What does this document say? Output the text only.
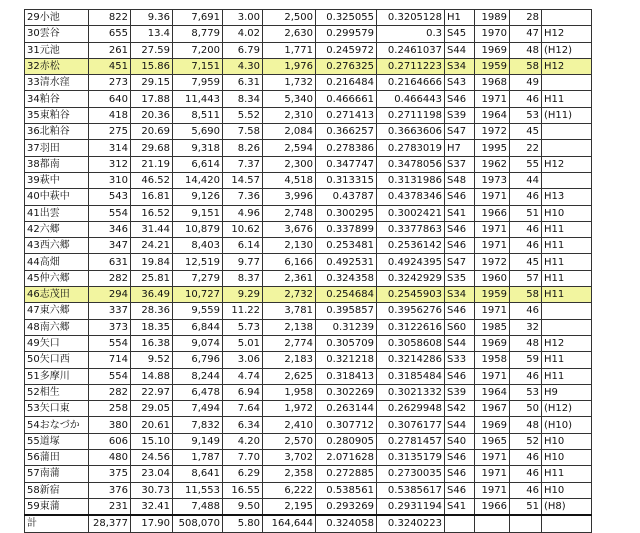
29小池	822	9.36	7,691	3.00	2,500	0.325055	0.3205128	H1	1989	28	
30雲谷	655	13.4	8,779	4.02	2,630	0.299579	0.3	S45	1970	47	H12
31元池	261	27.59	7,200	6.79	1,771	0.245972	0.2461037	S44	1969	48	(H12)
32赤松	451	15.86	7,151	4.30	1,976	0.276325	0.2711223	S34	1959	58	H12
33清水窪	273	29.15	7,959	6.31	1,732	0.216484	0.2164666	S43	1968	49	
34粕谷	640	17.88	11,443	8.34	5,340	0.466661	0.466443	S46	1971	46	H11
35東粕谷	418	20.36	8,511	5.52	2,310	0.271413	0.2711198	S39	1964	53	(H11)
36北粕谷	275	20.69	5,690	7.58	2,084	0.366257	0.3663606	S47	1972	45	
37羽田	314	29.68	9,318	8.26	2,594	0.278386	0.2783019	H7	1995	22	
38都南	312	21.19	6,614	7.37	2,300	0.347747	0.3478056	S37	1962	55	H12
39萩中	310	46.52	14,420	14.57	4,518	0.313315	0.3131986	S48	1973	44	
40中萩中	543	16.81	9,126	7.36	3,996	0.43787	0.4378346	S46	1971	46	H13
41出雲	554	16.52	9,151	4.96	2,748	0.300295	0.3002421	S41	1966	51	H10
42六郷	346	31.44	10,879	10.62	3,676	0.337899	0.3377863	S46	1971	46	H11
43西六郷	347	24.21	8,403	6.14	2,130	0.253481	0.2536142	S46	1971	46	H11
44高畑	631	19.84	12,519	9.77	6,166	0.492531	0.4924395	S47	1972	45	H11
45仲六郷	282	25.81	7,279	8.37	2,361	0.324358	0.3242929	S35	1960	57	H11
46志茂田	294	36.49	10,727	9.29	2,732	0.254684	0.2545903	S34	1959	58	H11
47東六郷	337	28.36	9,559	11.22	3,781	0.395857	0.3956276	S46	1971	46	
48南六郷	373	18.35	6,844	5.73	2,138	0.31239	0.3122616	S60	1985	32	
49矢口	554	16.38	9,074	5.01	2,774	0.305709	0.3058608	S44	1969	48	H12
50矢口西	714	9.52	6,796	3.06	2,183	0.321218	0.3214286	S33	1958	59	H11
51多摩川	554	14.88	8,244	4.74	2,625	0.318413	0.3185484	S46	1971	46	H11
52相生	282	22.97	6,478	6.94	1,958	0.302269	0.3021332	S39	1964	53	H9
53矢口東	258	29.05	7,494	7.64	1,972	0.263144	0.2629948	S42	1967	50	(H12)
54おなづか	380	20.61	7,832	6.34	2,410	0.307712	0.3076177	S44	1969	48	(H10)
55道塚	606	15.10	9,149	4.20	2,570	0.280905	0.2781457	S40	1965	52	H10
56蒲田	480	24.56	1,787	7.70	3,702	2.071628	0.3135179	S46	1971	46	H10
57南蒲	375	23.04	8,641	6.29	2,358	0.272885	0.2730035	S46	1971	46	H11
58新宿	376	30.73	11,553	16.55	6,222	0.538561	0.5385617	S46	1971	46	H10
59東蒲	231	32.41	7,488	9.50	2,195	0.293269	0.2931194	S41	1966	51	(H8)
計	28,377	17.90	508,070	5.80	164,644	0.324058	0.3240223				
